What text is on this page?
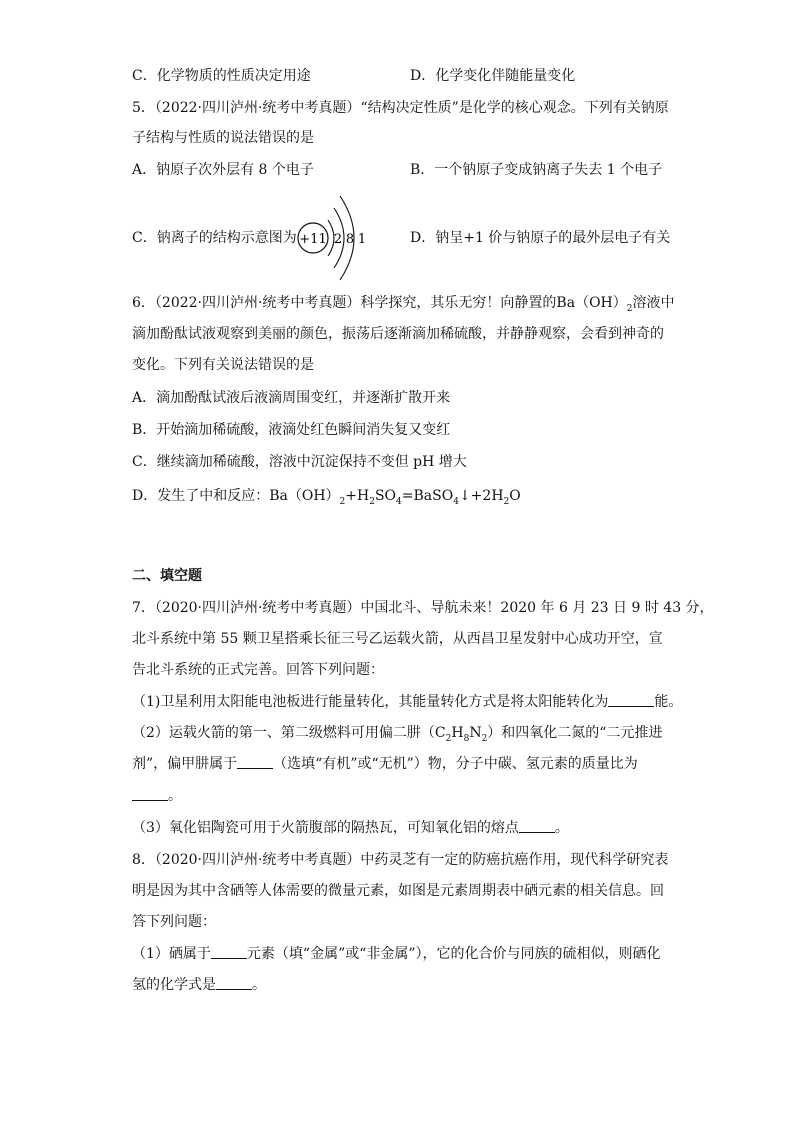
C．化学物质的性质决定用途	D．化学变化伴随能量变化
5．（2022·四川泸州·统考中考真题）“结构决定性质”是化学的核心观念。下列有关钠原
子结构与性质的说法错误的是
A．钠原子次外层有 8 个电子	B．一个钠原子变成钠离子失去 1 个电子
C．钠离子的结构示意图为 +11 2 8 1	D．钠呈+1 价与钠原子的最外层电子有关
6．（2022·四川泸州·统考中考真题）科学探究，其乐无穷！向静置的$Ba(OH)_2$溶液中
滴加酚酞试液观察到美丽的颜色，振荡后逐渐滴加稀硫酸，并静静观察，会看到神奇的
变化。下列有关说法错误的是
A．滴加酚酞试液后液滴周围变红，并逐渐扩散开来
B．开始滴加稀硫酸，液滴处红色瞬间消失复又变红
C．继续滴加稀硫酸，溶液中沉淀保持不变但 pH 增大
D．发生了中和反应：$Ba(OH)_2+H_2SO_4=BaSO_4↓+2H_2O$
二、填空题
7．（2020·四川泸州·统考中考真题）中国北斗、导航未来！2020 年 6 月 23 日 9 时 43 分，
北斗系统中第 55 颗卫星搭乘长征三号乙运载火箭，从西昌卫星发射中心成功开空，宣
告北斗系统的正式完善。回答下列问题：
（1)卫星利用太阳能电池板进行能量转化，其能量转化方式是将太阳能转化为	能。
（2）运载火箭的第一、第二级燃料可用偏二肼$(C_2H_8N_2)$和四氧化二氮的“二元推进
剂”，偏甲肼属于	（选填“有机”或“无机”）物，分子中碳、氢元素的质量比为
。
（3）氧化铝陶瓷可用于火箭腹部的隔热瓦，可知氧化铝的熔点	。
8．（2020·四川泸州·统考中考真题）中药灵芝有一定的防癌抗癌作用，现代科学研究表
明是因为其中含硒等人体需要的微量元素，如图是元素周期表中硒元素的相关信息。回
答下列问题：
（1）硒属于	元素（填“金属”或“非金属”），它的化合价与同族的硫相似，则硒化
氢的化学式是	。
